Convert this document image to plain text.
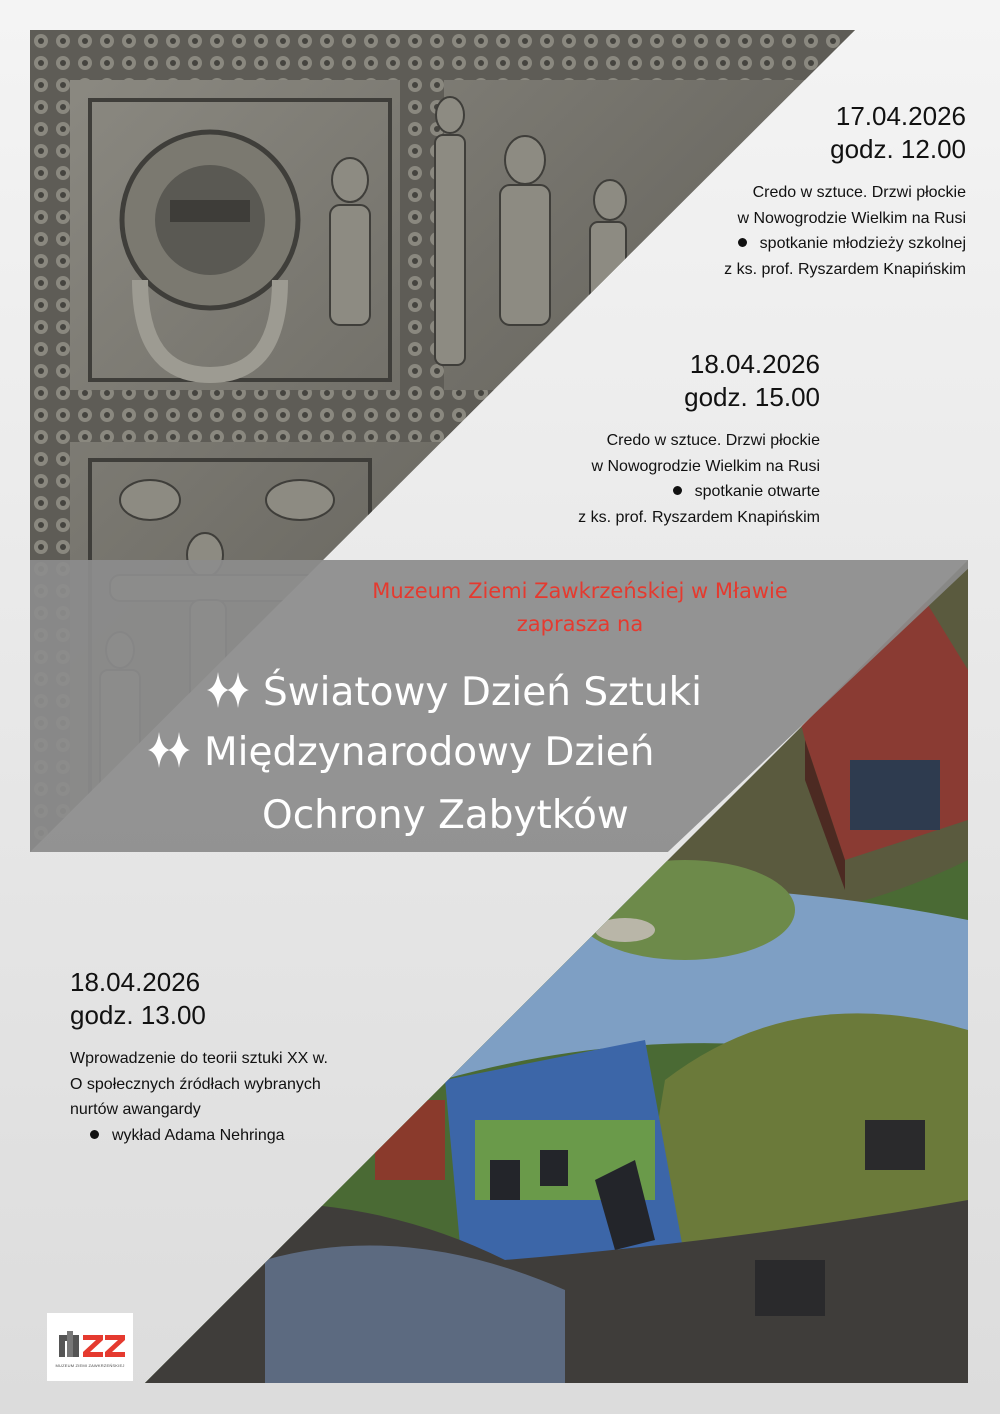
17.04.2026
godz. 12.00
Credo w sztuce. Drzwi płockie
w Nowogrodzie Wielkim na Rusi
spotkanie młodzieży szkolnej
z ks. prof. Ryszardem Knapińskim
18.04.2026
godz. 15.00
Credo w sztuce. Drzwi płockie
w Nowogrodzie Wielkim na Rusi
spotkanie otwarte
z ks. prof. Ryszardem Knapińskim
Muzeum Ziemi Zawkrzeńskiej w Mławie
zaprasza na
Światowy Dzień Sztuki
Międzynarodowy Dzień
Ochrony Zabytków
18.04.2026
godz. 13.00
Wprowadzenie do teorii sztuki XX w.
O społecznych źródłach wybranych
nurtów awangardy
wykład Adama Nehringa
MUZEUM ZIEMI ZAWKRZEŃSKIEJ
